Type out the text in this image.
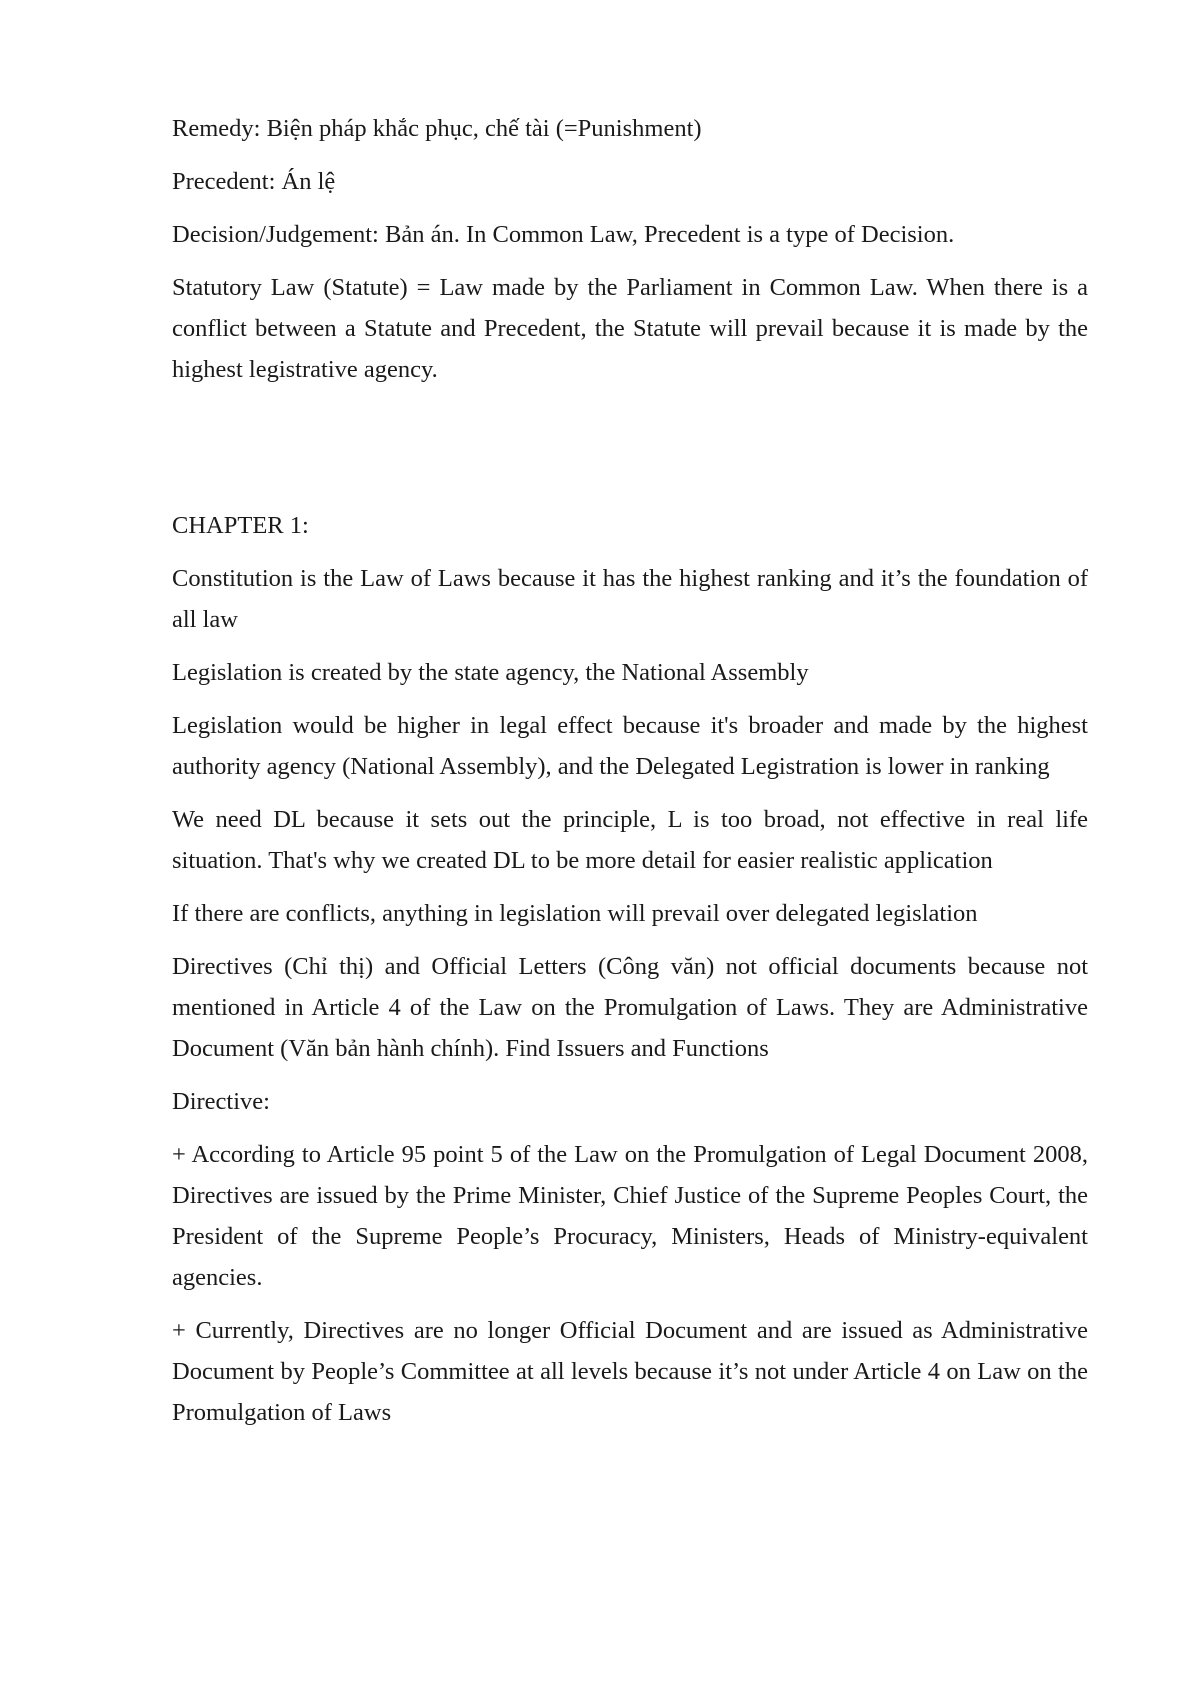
Remedy: Biện pháp khắc phục, chế tài (=Punishment)

Precedent: Án lệ

Decision/Judgement: Bản án. In Common Law, Precedent is a type of Decision.

Statutory Law (Statute) = Law made by the Parliament in Common Law. When there is a conflict between a Statute and Precedent, the Statute will prevail because it is made by the highest legistrative agency.

CHAPTER 1:

Constitution is the Law of Laws because it has the highest ranking and it’s the foundation of all law

Legislation is created by the state agency, the National Assembly

Legislation would be higher in legal effect because it's broader and made by the highest authority agency (National Assembly), and the Delegated Legistration is lower in ranking

We need DL because it sets out the principle, L is too broad, not effective in real life situation. That's why we created DL to be more detail for easier realistic application

If there are conflicts, anything in legislation will prevail over delegated legislation

Directives (Chỉ thị) and Official Letters (Công văn) not official documents because not mentioned in Article 4 of the Law on the Promulgation of Laws. They are Administrative Document (Văn bản hành chính). Find Issuers and Functions

Directive:

+ According to Article 95 point 5 of the Law on the Promulgation of Legal Document 2008, Directives are issued by the Prime Minister, Chief Justice of the Supreme Peoples Court, the President of the Supreme People’s Procuracy, Ministers, Heads of Ministry-equivalent agencies.

+ Currently, Directives are no longer Official Document and are issued as Administrative Document by People’s Committee at all levels because it’s not under Article 4 on Law on the Promulgation of Laws
